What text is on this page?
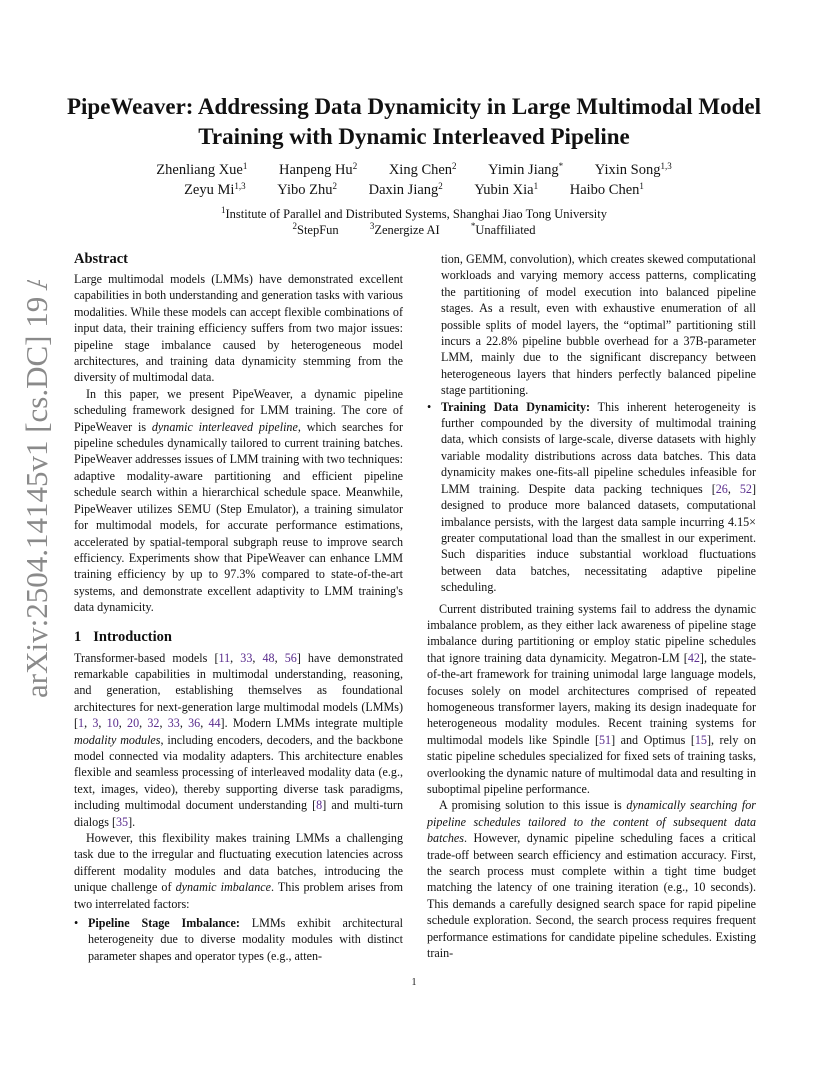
arXiv:2504.14145v1 [cs.DC] 19 Apr 2025
PipeWeaver: Addressing Data Dynamicity in Large Multimodal Model Training with Dynamic Interleaved Pipeline
Zhenliang Xue$^1$ Hanpeng Hu$^2$ Xing Chen$^2$ Yimin Jiang* Yixin Song$^{1,3}$
Zeyu Mi$^{1,3}$ Yibo Zhu$^2$ Daxin Jiang$^2$ Yubin Xia$^1$ Haibo Chen$^1$
$^1$Institute of Parallel and Distributed Systems, Shanghai Jiao Tong University
$^2$StepFun	$^3$Zenergize AI	*Unaffiliated
Abstract

Large multimodal models (LMMs) have demonstrated excellent capabilities in both understanding and generation tasks with various modalities. While these models can accept flexible combinations of input data, their training efficiency suffers from two major issues: pipeline stage imbalance caused by heterogeneous model architectures, and training data dynamicity stemming from the diversity of multimodal data.

In this paper, we present PipeWeaver, a dynamic pipeline scheduling framework designed for LMM training. The core of PipeWeaver is dynamic interleaved pipeline, which searches for pipeline schedules dynamically tailored to current training batches. PipeWeaver addresses issues of LMM training with two techniques: adaptive modality-aware partitioning and efficient pipeline schedule search within a hierarchical schedule space. Meanwhile, PipeWeaver utilizes SEMU (Step Emulator), a training simulator for multimodal models, for accurate performance estimations, accelerated by spatial-temporal subgraph reuse to improve search efficiency. Experiments show that PipeWeaver can enhance LMM training efficiency by up to 97.3% compared to state-of-the-art systems, and demonstrate excellent adaptivity to LMM training's data dynamicity.

1 Introduction

Transformer-based models [11, 33, 48, 56] have demonstrated remarkable capabilities in multimodal understanding, reasoning, and generation, establishing themselves as foundational architectures for next-generation large multimodal models (LMMs) [1, 3, 10, 20, 32, 33, 36, 44]. Modern LMMs integrate multiple modality modules, including encoders, decoders, and the backbone model connected via modality adapters. This architecture enables flexible and seamless processing of interleaved modality data (e.g., text, images, video), thereby supporting diverse task paradigms, including multimodal document understanding [8] and multi-turn dialogs [35].

However, this flexibility makes training LMMs a challenging task due to the irregular and fluctuating execution latencies across different modality modules and data batches, introducing the unique challenge of dynamic imbalance. This problem arises from two interrelated factors:

• Pipeline Stage Imbalance: LMMs exhibit architectural heterogeneity due to diverse modality modules with distinct parameter shapes and operator types (e.g., atten-

tion, GEMM, convolution), which creates skewed computational workloads and varying memory access patterns, complicating the partitioning of model execution into balanced pipeline stages. As a result, even with exhaustive enumeration of all possible splits of model layers, the “optimal” partitioning still incurs a 22.8% pipeline bubble overhead for a 37B-parameter LMM, mainly due to the significant discrepancy between heterogeneous layers that hinders perfectly balanced pipeline stage partitioning.

• Training Data Dynamicity: This inherent heterogeneity is further compounded by the diversity of multimodal training data, which consists of large-scale, diverse datasets with highly variable modality distributions across data batches. This data dynamicity makes one-fits-all pipeline schedules infeasible for LMM training. Despite data packing techniques [26, 52] designed to produce more balanced datasets, computational imbalance persists, with the largest data sample incurring 4.15× greater computational load than the smallest in our experiment. Such disparities induce substantial workload fluctuations between data batches, necessitating adaptive pipeline scheduling.

Current distributed training systems fail to address the dynamic imbalance problem, as they either lack awareness of pipeline stage imbalance during partitioning or employ static pipeline schedules that ignore training data dynamicity. Megatron-LM [42], the state-of-the-art framework for training unimodal large language models, focuses solely on model architectures comprised of repeated homogeneous transformer layers, making its design inadequate for heterogeneous modality modules. Recent training systems for multimodal models like Spindle [51] and Optimus [15], rely on static pipeline schedules specialized for fixed sets of training tasks, overlooking the dynamic nature of multimodal data and resulting in suboptimal pipeline performance.

A promising solution to this issue is dynamically searching for pipeline schedules tailored to the content of subsequent data batches. However, dynamic pipeline scheduling faces a critical trade-off between search efficiency and estimation accuracy. First, the search process must complete within a tight time budget matching the latency of one training iteration (e.g., 10 seconds). This demands a carefully designed search space for rapid pipeline schedule exploration. Second, the search process requires frequent performance estimations for candidate pipeline schedules. Existing train-

1
